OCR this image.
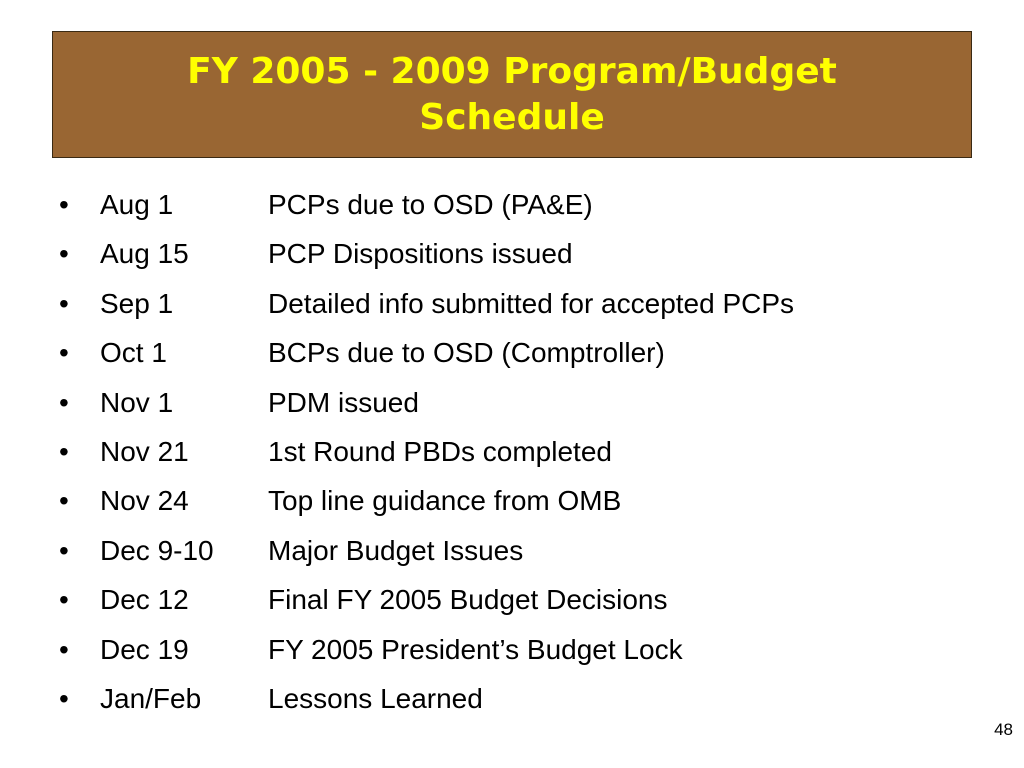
FY 2005 - 2009 Program/Budget
Schedule
• Aug 1	PCPs due to OSD (PA&E)
• Aug 15	PCP Dispositions issued
• Sep 1	Detailed info submitted for accepted PCPs
• Oct 1	BCPs due to OSD (Comptroller)
• Nov 1	PDM issued
• Nov 21	1st Round PBDs completed
• Nov 24	Top line guidance from OMB
• Dec 9-10 Major Budget Issues
• Dec 12	Final FY 2005 Budget Decisions
• Dec 19	FY 2005 President’s Budget Lock
• Jan/Feb Lessons Learned
48
